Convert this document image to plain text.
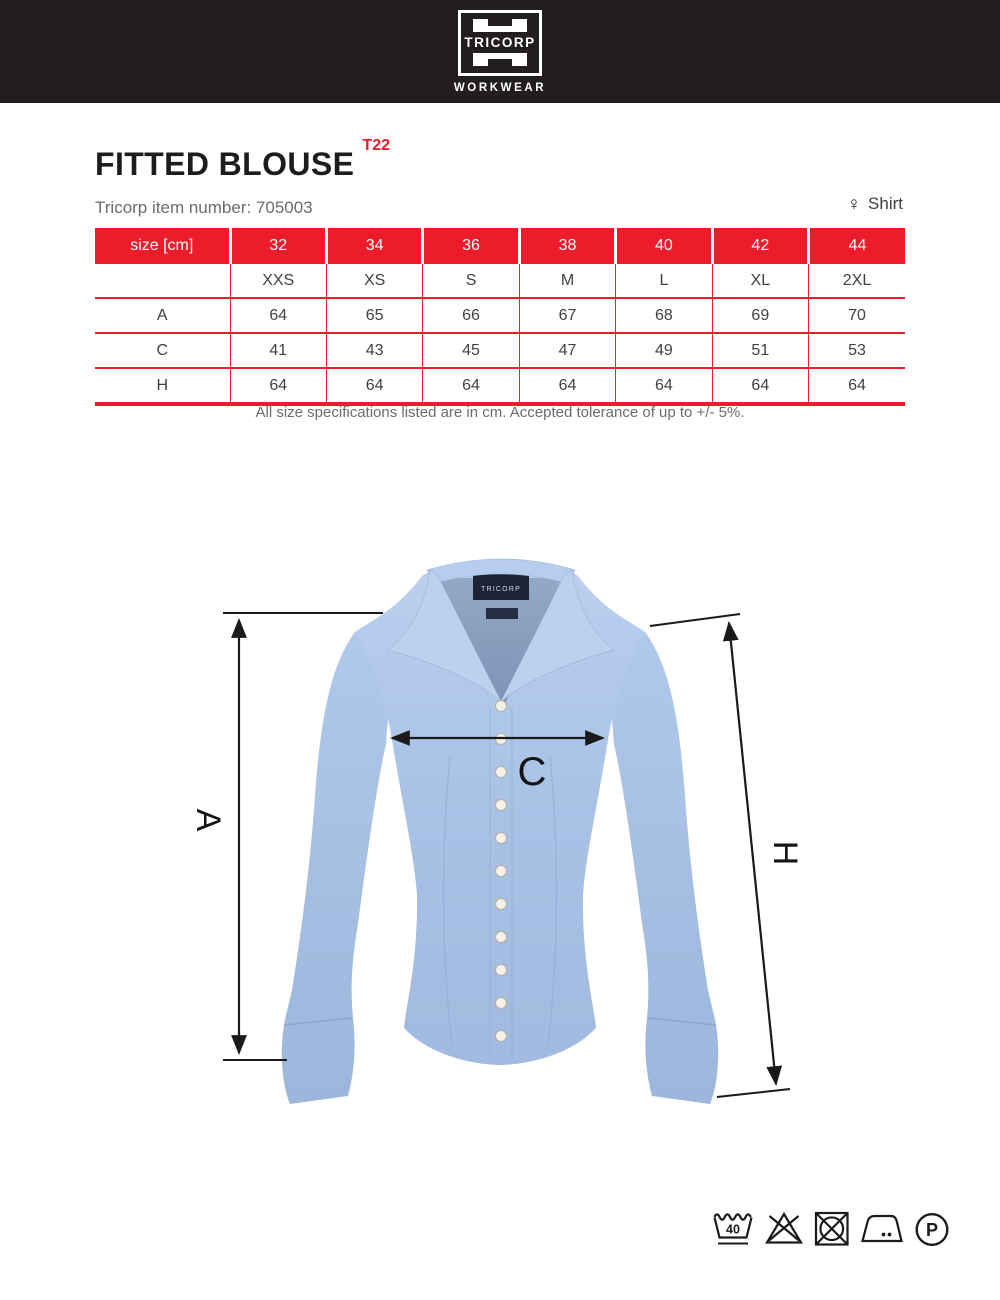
TRICORP
WORKWEAR
FITTED $BLOUSE^{T22}$
Tricorp item number: 705003	♀ Shirt
size [cm]	32	34	36	38	40	42	44
	XXS	XS	S	M	L	XL	2XL
A	64	65	66	67	68	69	70
C	41	43	45	47	49	51	53
H	64	64	64	64	64	64	64
All size specifications listed are in cm. Accepted tolerance of up to +/- 5%.
TRICORP
A
C
H
40	P
